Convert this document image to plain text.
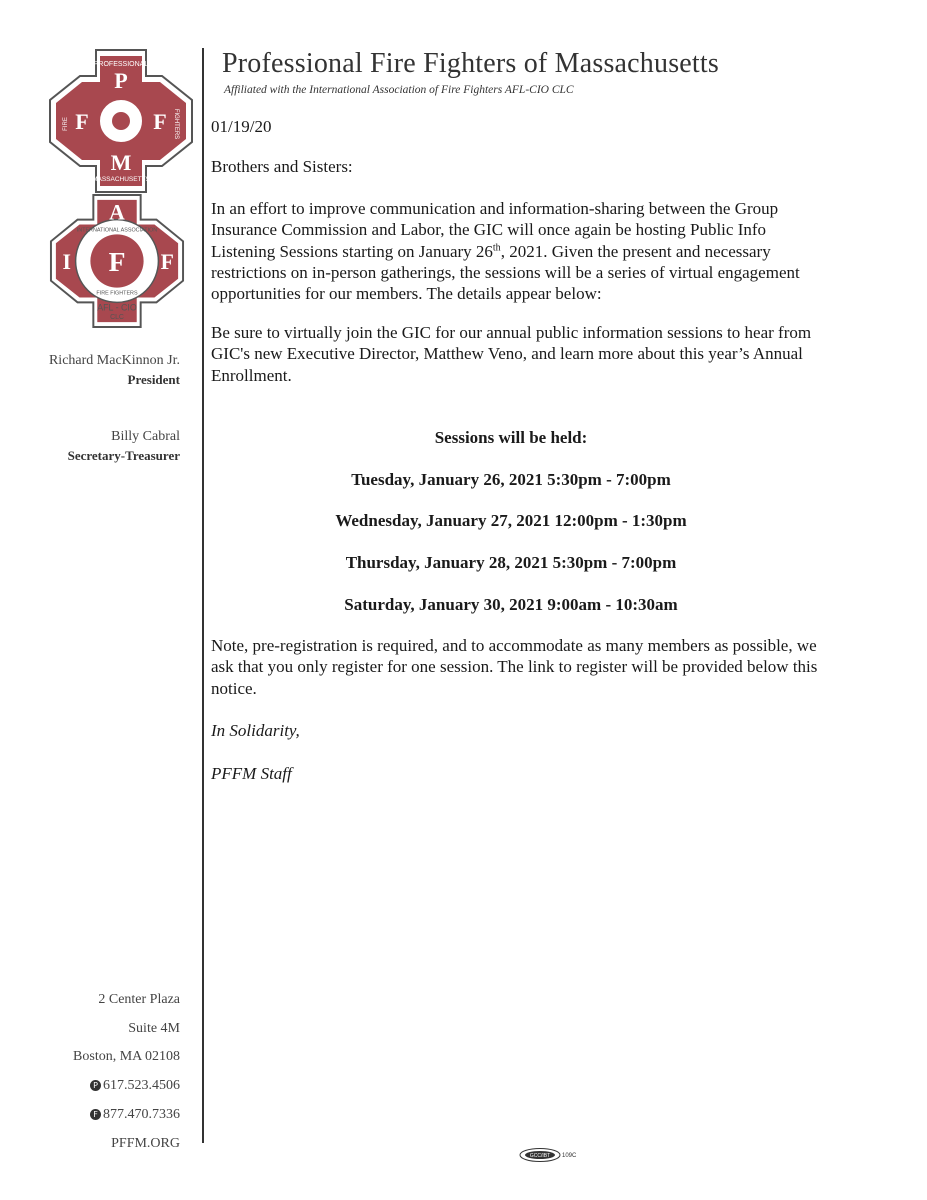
P
F	F
M
PROFESSIONAL
MASSACHUSETTS
FIRE	FIGHTERS
A
I F F
INTERNATIONAL ASSOCIATION
FIRE FIGHTERS
AFL - CIO
CLC
Richard MacKinnon Jr.
President
Billy Cabral
Secretary-Treasurer
2 Center Plaza
Suite 4M
Boston, MA 02108
P 617.523.4506
F 877.470.7336
PFFM.ORG
Professional Fire Fighters of Massachusetts
Affiliated with the International Association of Fire Fighters AFL-CIO CLC
01/19/20
Brothers and Sisters:
In an effort to improve communication and information-sharing between the Group Insurance Commission and Labor, the GIC will once again be hosting Public Info Listening Sessions starting on January 26th, 2021. Given the present and necessary restrictions on in-person gatherings, the sessions will be a series of virtual engagement opportunities for our members. The details appear below:
Be sure to virtually join the GIC for our annual public information sessions to hear from GIC's new Executive Director, Matthew Veno, and learn more about this year’s Annual Enrollment.
Sessions will be held:
Tuesday, January 26, 2021 5:30pm - 7:00pm
Wednesday, January 27, 2021 12:00pm - 1:30pm
Thursday, January 28, 2021 5:30pm - 7:00pm
Saturday, January 30, 2021 9:00am - 10:30am
Note, pre-registration is required, and to accommodate as many members as possible, we ask that you only register for one session. The link to register will be provided below this notice.
In Solidarity,
PFFM Staff
GCC/IBT 109C
